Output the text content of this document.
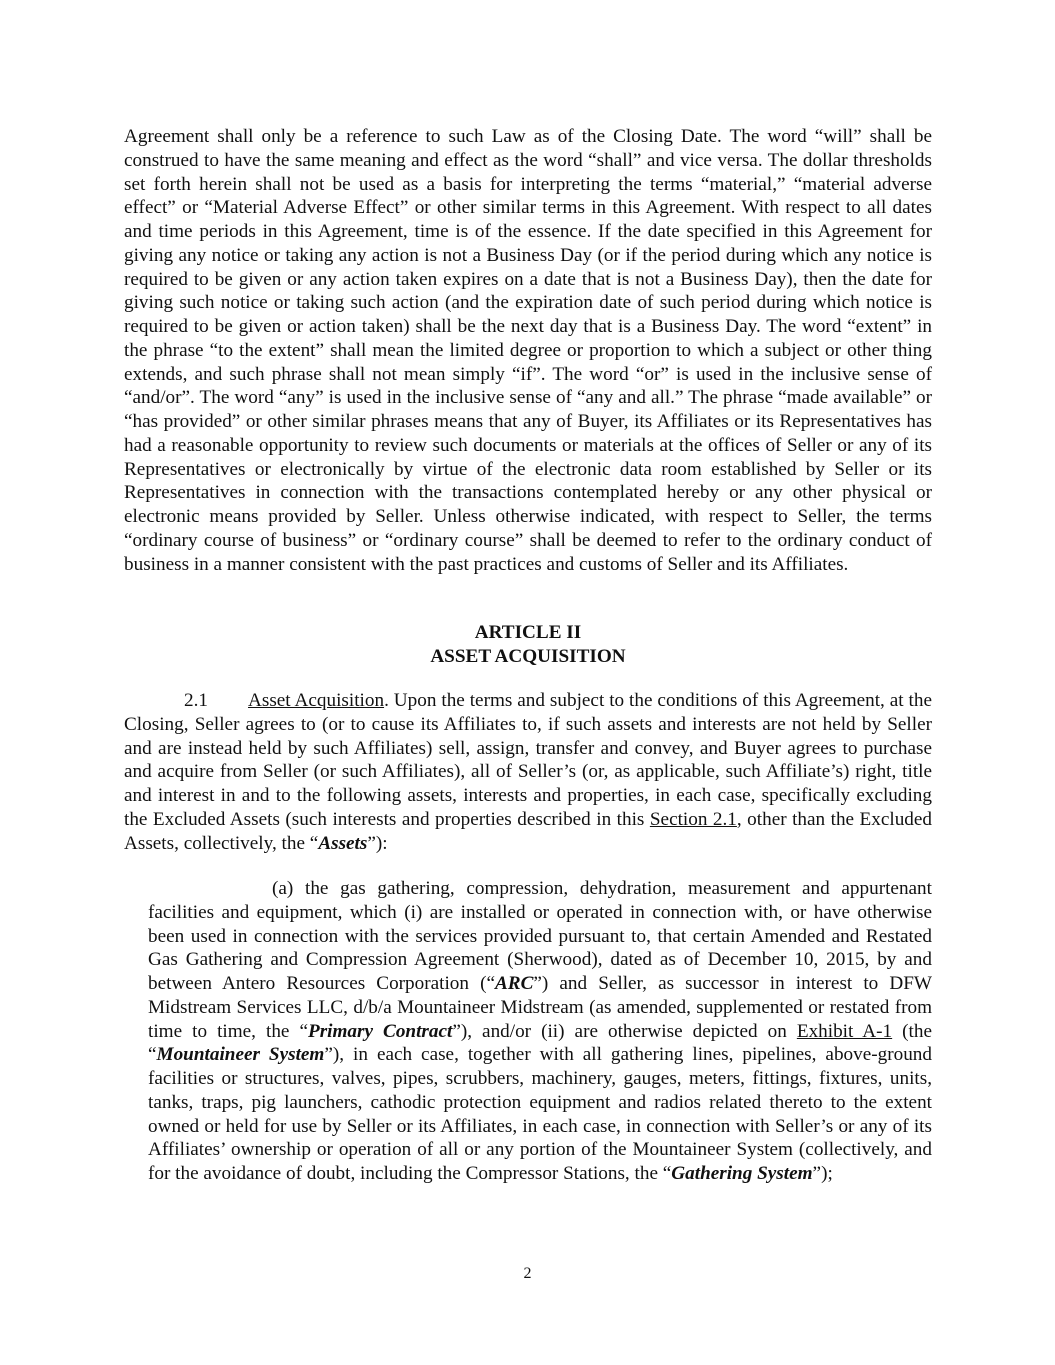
Agreement shall only be a reference to such Law as of the Closing Date. The word “will” shall be construed to have the same meaning and effect as the word “shall” and vice versa. The dollar thresholds set forth herein shall not be used as a basis for interpreting the terms “material,” “material adverse effect” or “Material Adverse Effect” or other similar terms in this Agreement. With respect to all dates and time periods in this Agreement, time is of the essence. If the date specified in this Agreement for giving any notice or taking any action is not a Business Day (or if the period during which any notice is required to be given or any action taken expires on a date that is not a Business Day), then the date for giving such notice or taking such action (and the expiration date of such period during which notice is required to be given or action taken) shall be the next day that is a Business Day. The word “extent” in the phrase “to the extent” shall mean the limited degree or proportion to which a subject or other thing extends, and such phrase shall not mean simply “if”. The word “or” is used in the inclusive sense of “and/or”. The word “any” is used in the inclusive sense of “any and all.” The phrase “made available” or “has provided” or other similar phrases means that any of Buyer, its Affiliates or its Representatives has had a reasonable opportunity to review such documents or materials at the offices of Seller or any of its Representatives or electronically by virtue of the electronic data room established by Seller or its Representatives in connection with the transactions contemplated hereby or any other physical or electronic means provided by Seller. Unless otherwise indicated, with respect to Seller, the terms “ordinary course of business” or “ordinary course” shall be deemed to refer to the ordinary conduct of business in a manner consistent with the past practices and customs of Seller and its Affiliates.

ARTICLE II
ASSET ACQUISITION

2.1 Asset Acquisition. Upon the terms and subject to the conditions of this Agreement, at the Closing, Seller agrees to (or to cause its Affiliates to, if such assets and interests are not held by Seller and are instead held by such Affiliates) sell, assign, transfer and convey, and Buyer agrees to purchase and acquire from Seller (or such Affiliates), all of Seller’s (or, as applicable, such Affiliate’s) right, title and interest in and to the following assets, interests and properties, in each case, specifically excluding the Excluded Assets (such interests and properties described in this Section 2.1, other than the Excluded Assets, collectively, the “Assets”):

(a) the gas gathering, compression, dehydration, measurement and appurtenant facilities and equipment, which (i) are installed or operated in connection with, or have otherwise been used in connection with the services provided pursuant to, that certain Amended and Restated Gas Gathering and Compression Agreement (Sherwood), dated as of December 10, 2015, by and between Antero Resources Corporation (“ARC”) and Seller, as successor in interest to DFW Midstream Services LLC, d/b/a Mountaineer Midstream (as amended, supplemented or restated from time to time, the “Primary Contract”), and/or (ii) are otherwise depicted on Exhibit A-1 (the “Mountaineer System”), in each case, together with all gathering lines, pipelines, above-ground facilities or structures, valves, pipes, scrubbers, machinery, gauges, meters, fittings, fixtures, units, tanks, traps, pig launchers, cathodic protection equipment and radios related thereto to the extent owned or held for use by Seller or its Affiliates, in each case, in connection with Seller’s or any of its Affiliates’ ownership or operation of all or any portion of the Mountaineer System (collectively, and for the avoidance of doubt, including the Compressor Stations, the “Gathering System”);

2
